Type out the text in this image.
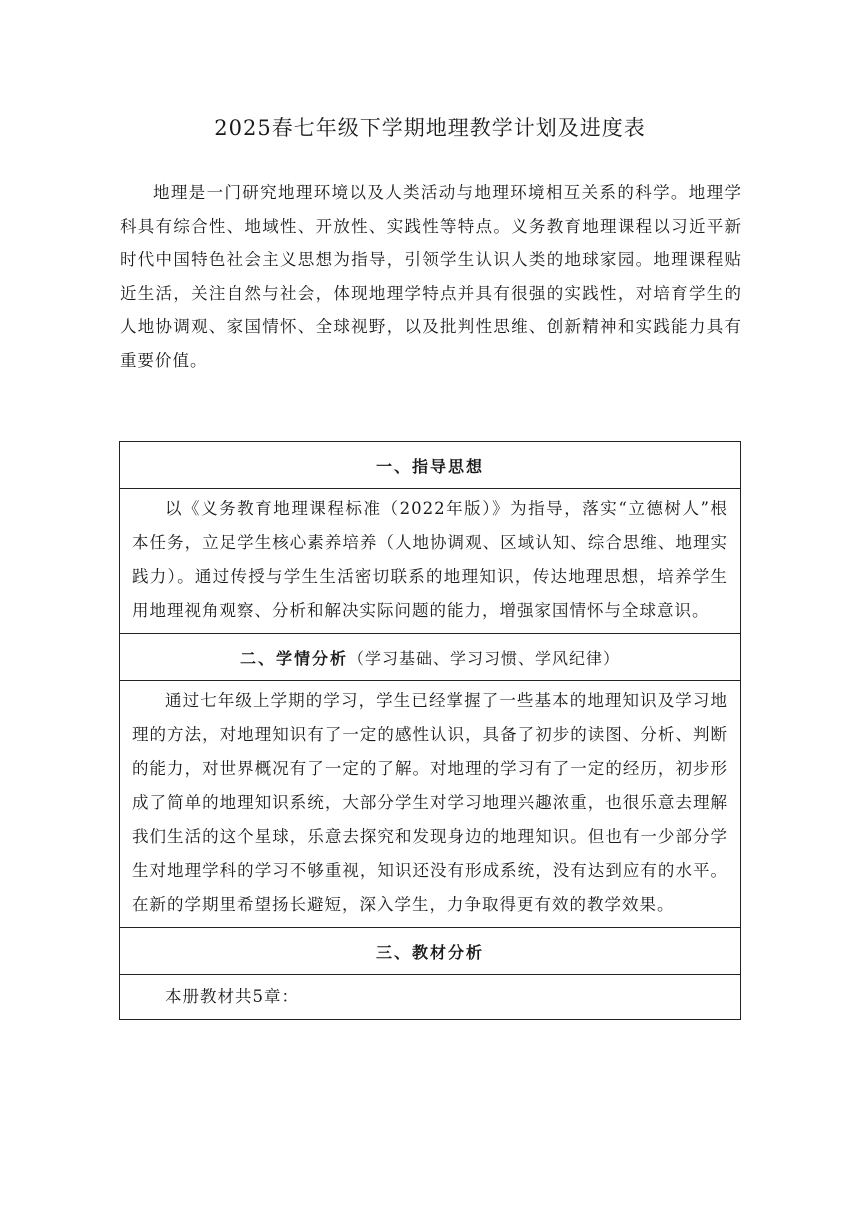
2025春七年级下学期地理教学计划及进度表
地理是一门研究地理环境以及人类活动与地理环境相互关系的科学。地理学科具有综合性、地域性、开放性、实践性等特点。义务教育地理课程以习近平新时代中国特色社会主义思想为指导，引领学生认识人类的地球家园。地理课程贴近生活，关注自然与社会，体现地理学特点并具有很强的实践性，对培育学生的人地协调观、家国情怀、全球视野，以及批判性思维、创新精神和实践能力具有重要价值。
一、指导思想
以《义务教育地理课程标准（2022年版）》为指导，落实“立德树人”根本任务，立足学生核心素养培养（人地协调观、区域认知、综合思维、地理实践力）。通过传授与学生生活密切联系的地理知识，传达地理思想，培养学生用地理视角观察、分析和解决实际问题的能力，增强家国情怀与全球意识。
二、学情分析（学习基础、学习习惯、学风纪律）
通过七年级上学期的学习，学生已经掌握了一些基本的地理知识及学习地理的方法，对地理知识有了一定的感性认识，具备了初步的读图、分析、判断的能力，对世界概况有了一定的了解。对地理的学习有了一定的经历，初步形成了简单的地理知识系统，大部分学生对学习地理兴趣浓重，也很乐意去理解我们生活的这个星球，乐意去探究和发现身边的地理知识。但也有一少部分学生对地理学科的学习不够重视，知识还没有形成系统，没有达到应有的水平。在新的学期里希望扬长避短，深入学生，力争取得更有效的教学效果。
三、教材分析
本册教材共5章：
